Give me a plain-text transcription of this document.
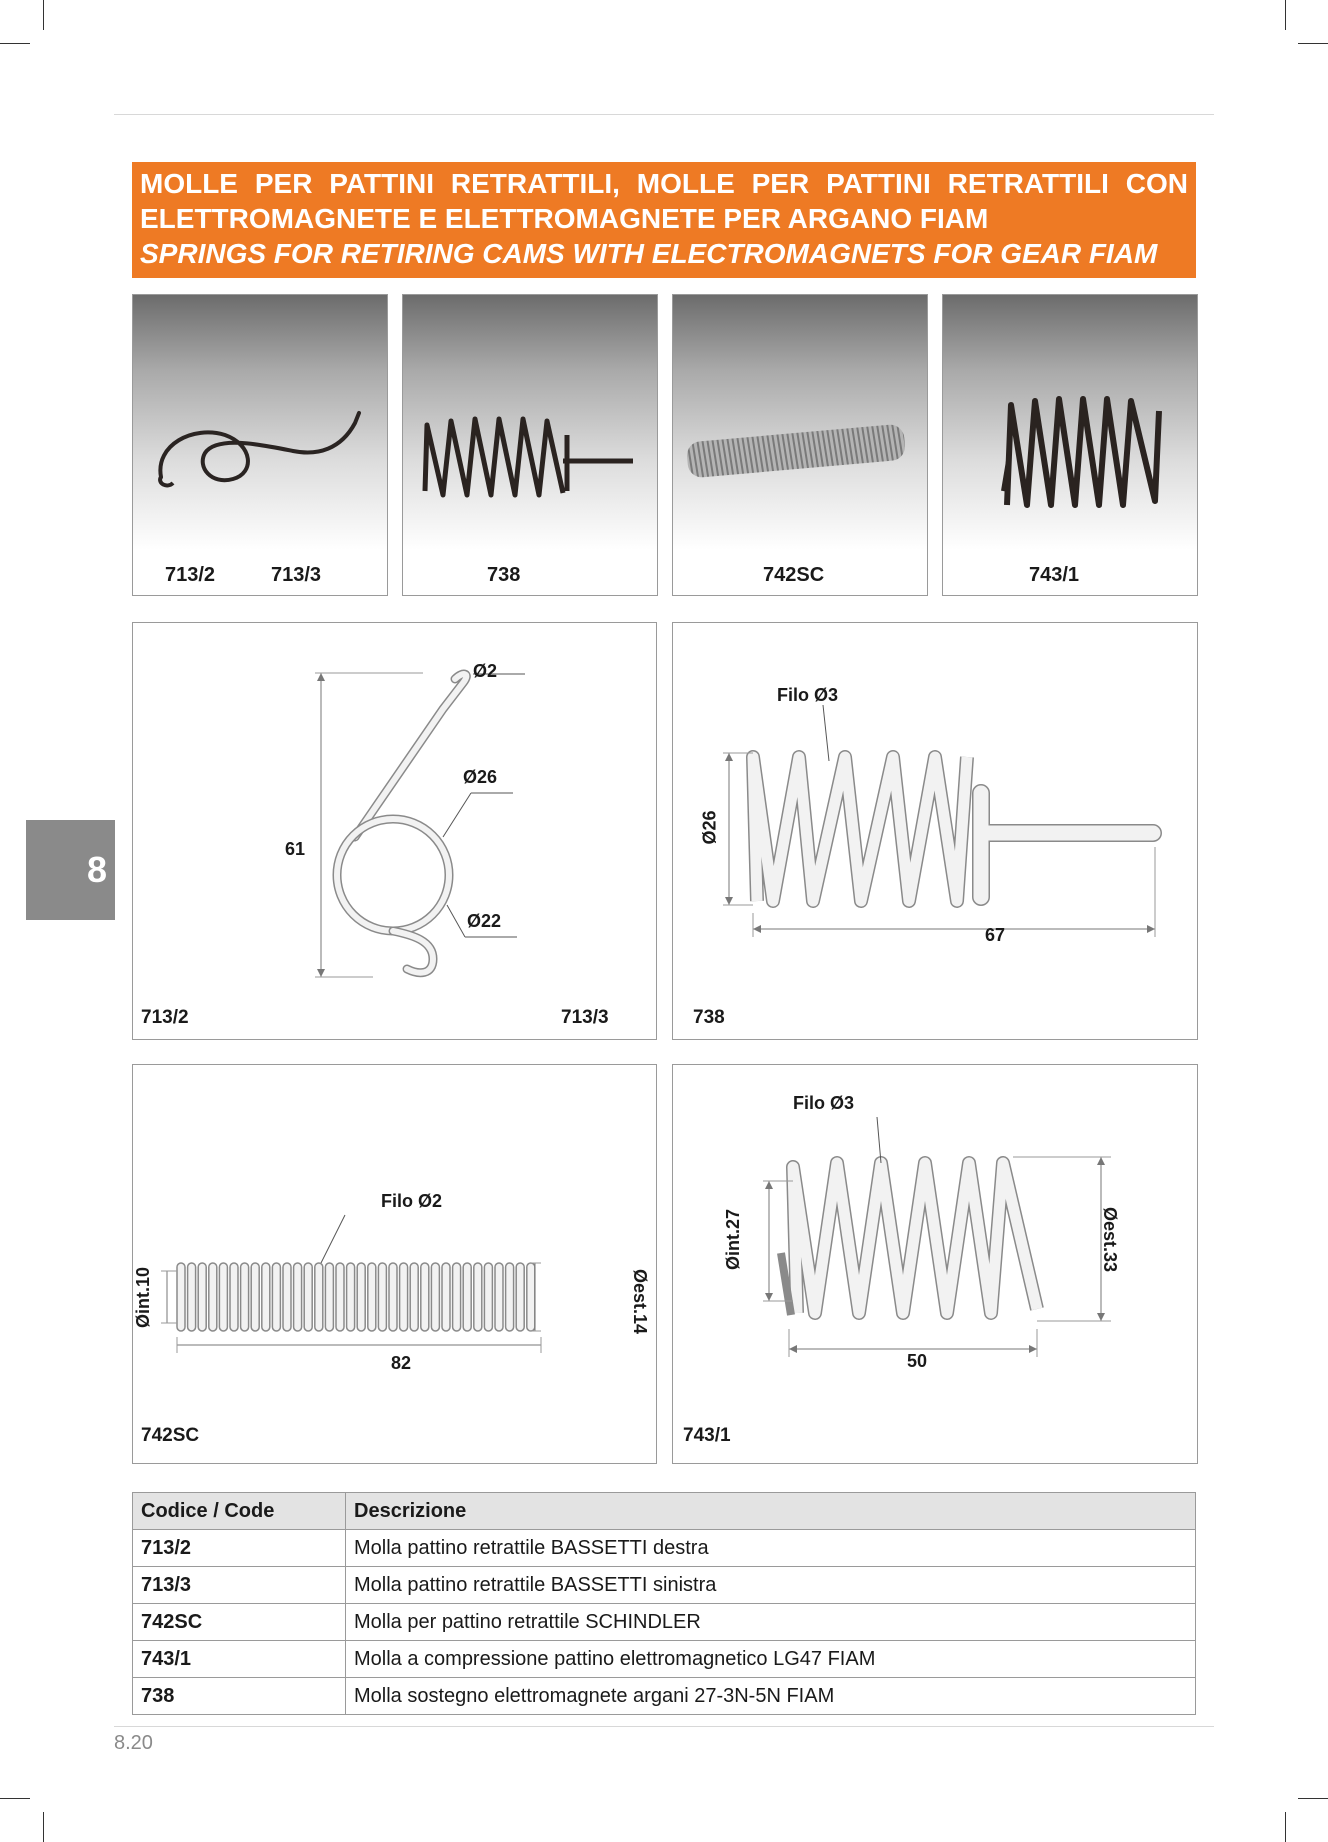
MOLLE PER PATTINI RETRATTILI, MOLLE PER PATTINI RETRATTILI CON
ELETTROMAGNETE E ELETTROMAGNETE PER ARGANO FIAM
SPRINGS FOR RETIRING CAMS WITH ELECTROMAGNETS FOR GEAR FIAM
713/2	713/3	738	742SC	743/1
Ø2
Ø26
Ø22
61
713/2	713/3
Filo Ø3
Ø26
67
738
Filo Ø2
Øint.10	Øest.14
82
742SC
Filo Ø3
Øint.27	Øest.33
50
743/1
8
Codice / Code	Descrizione
713/2	Molla pattino retrattile BASSETTI destra
713/3	Molla pattino retrattile BASSETTI sinistra
742SC	Molla per pattino retrattile SCHINDLER
743/1	Molla a compressione pattino elettromagnetico LG47 FIAM
738	Molla sostegno elettromagnete argani 27-3N-5N FIAM
8.20
